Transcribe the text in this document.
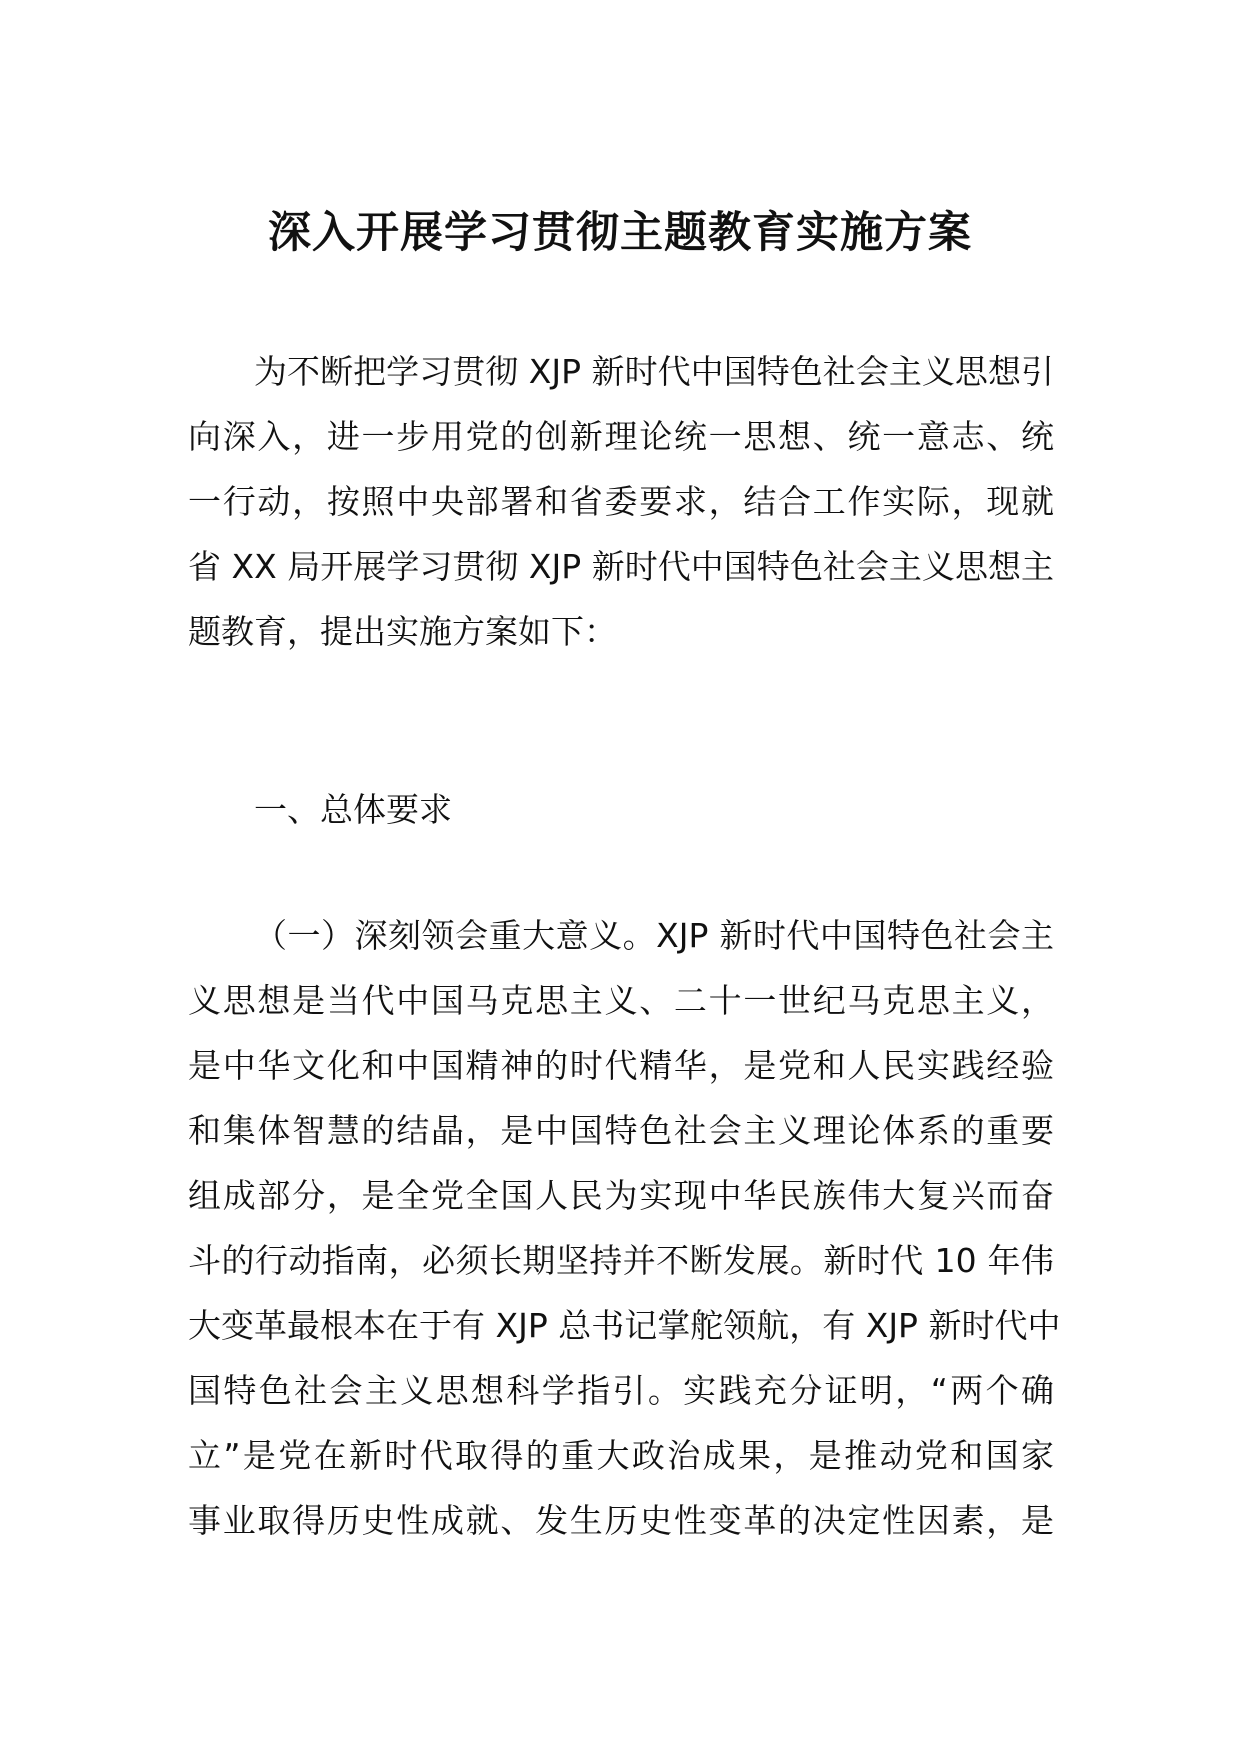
深入开展学习贯彻主题教育实施方案

为不断把学习贯彻 XJP 新时代中国特色社会主义思想引

向深入，进一步用党的创新理论统一思想、统一意志、统

一行动，按照中央部署和省委要求，结合工作实际，现就

省 XX 局开展学习贯彻 XJP 新时代中国特色社会主义思想主

题教育，提出实施方案如下：

一、总体要求

（一）深刻领会重大意义。XJP 新时代中国特色社会主

义思想是当代中国马克思主义、二十一世纪马克思主义，

是中华文化和中国精神的时代精华，是党和人民实践经验

和集体智慧的结晶，是中国特色社会主义理论体系的重要

组成部分，是全党全国人民为实现中华民族伟大复兴而奋

斗的行动指南，必须长期坚持并不断发展。新时代 10 年伟

大变革最根本在于有 XJP 总书记掌舵领航，有 XJP 新时代中

国特色社会主义思想科学指引。实践充分证明，“两个确

立”是党在新时代取得的重大政治成果，是推动党和国家

事业取得历史性成就、发生历史性变革的决定性因素，是
